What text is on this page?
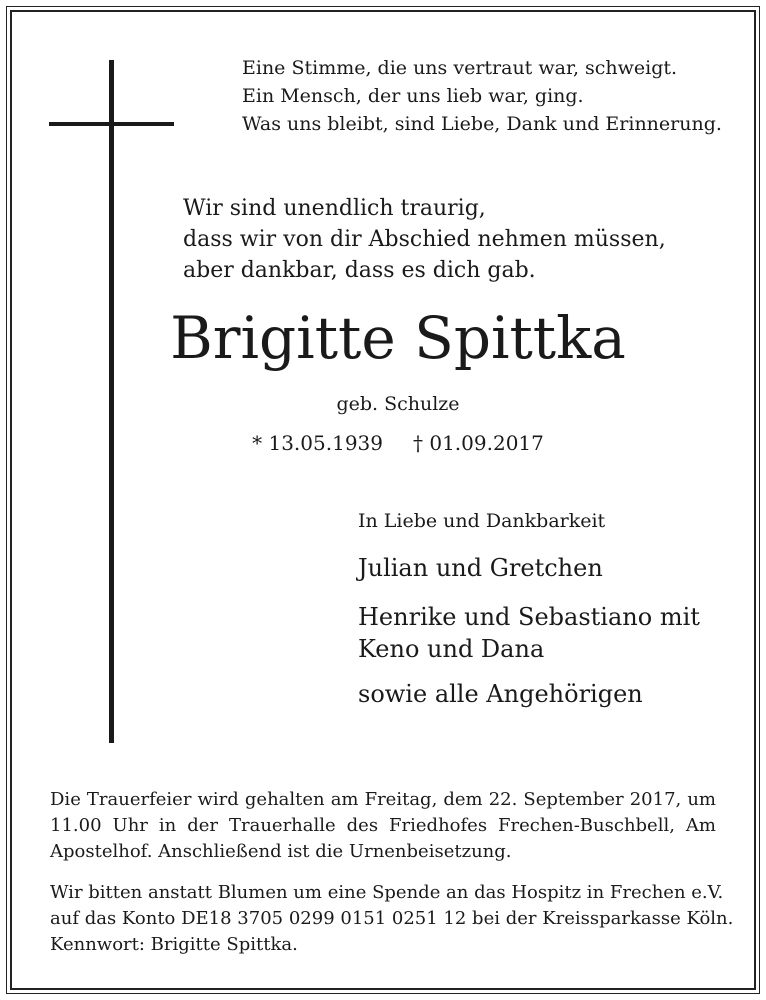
Eine Stimme, die uns vertraut war, schweigt.
Ein Mensch, der uns lieb war, ging.
Was uns bleibt, sind Liebe, Dank und Erinnerung.
Wir sind unendlich traurig,
dass wir von dir Abschied nehmen müssen,
aber dankbar, dass es dich gab.
Brigitte Spittka
geb. Schulze
* 13.05.1939 † 01.09.2017
In Liebe und Dankbarkeit
Julian und Gretchen
Henrike und Sebastiano mit
Keno und Dana
sowie alle Angehörigen
Die Trauerfeier wird gehalten am Freitag, dem 22. September 2017, um 11.00 Uhr in der Trauerhalle des Friedhofes Frechen-Buschbell, Am Apostelhof. Anschließend ist die Urnenbeisetzung.
Wir bitten anstatt Blumen um eine Spende an das Hospitz in Frechen e.V.
auf das Konto DE18 3705 0299 0151 0251 12 bei der Kreissparkasse Köln.
Kennwort: Brigitte Spittka.
